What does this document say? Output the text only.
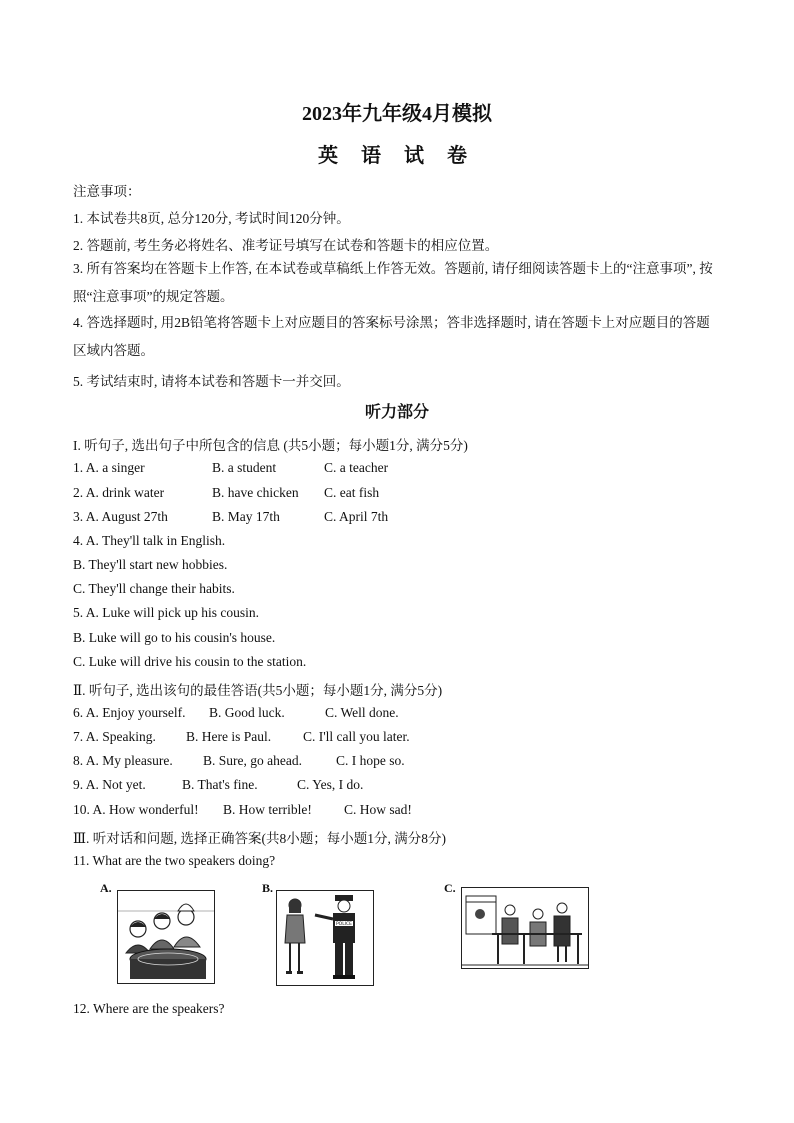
2023年九年级4月模拟
英 语 试 卷
注意事项：
1. 本试卷共8页, 总分120分, 考试时间120分钟。
2. 答题前, 考生务必将姓名、准考证号填写在试卷和答题卡的相应位置。
3. 所有答案均在答题卡上作答, 在本试卷或草稿纸上作答无效。答题前, 请仔细阅读答题卡上的“注意事项”, 按照“注意事项”的规定答题。
4. 答选择题时, 用2B铅笔将答题卡上对应题目的答案标号涂黑；答非选择题时, 请在答题卡上对应题目的答题区域内答题。
5. 考试结束时, 请将本试卷和答题卡一并交回。
听力部分
I. 听句子, 选出句子中所包含的信息 (共5小题；每小题1分, 满分5分)
1. A. a singer	B. a student	C. a teacher
2. A. drink water	B. have chicken C. eat fish
3. A. August 27th	B. May 17th	C. April 7th
4. A. They'll talk in English.
B. They'll start new hobbies.
C. They'll change their habits.
5. A. Luke will pick up his cousin.
B. Luke will go to his cousin's house.
C. Luke will drive his cousin to the station.
Ⅱ. 听句子, 选出该句的最佳答语(共5小题；每小题1分, 满分5分)
6. A. Enjoy yourself. B. Good luck.	C. Well done.
7. A. Speaking. B. Here is Paul. C. I'll call you later.
8. A. My pleasure. B. Sure, go ahead.	C. I hope so.
9. A. Not yet.	B. That's fine.	C. Yes, I do.
10. A. How wonderful! B. How terrible! C. How sad!
Ⅲ. 听对话和问题, 选择正确答案(共8小题；每小题1分, 满分8分)
11. What are the two speakers doing?
A.	B.
POLICE
C.
12. Where are the speakers?
